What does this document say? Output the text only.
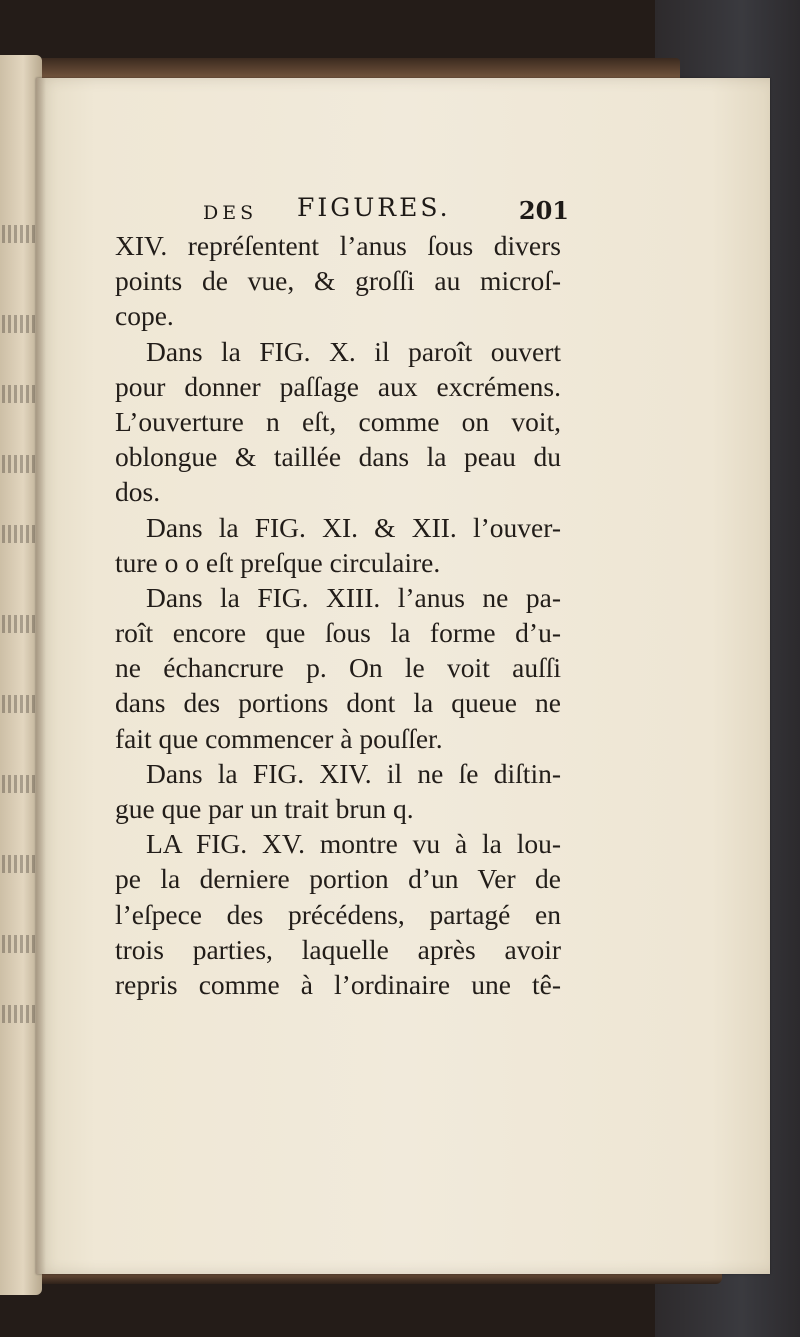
DES FIGURES.	201
XIV. repréſentent l’anus ſous divers
points de vue, & groſſi au microſ-
cope.
Dans la FIG. X. il paroît ouvert
pour donner paſſage aux excrémens.
L’ouverture n eſt, comme on voit,
oblongue & taillée dans la peau du
dos.
Dans la FIG. XI. & XII. l’ouver-
ture o o eſt preſque circulaire.
Dans la FIG. XIII. l’anus ne pa-
roît encore que ſous la forme d’u-
ne échancrure p. On le voit auſſi
dans des portions dont la queue ne
fait que commencer à pouſſer.
Dans la FIG. XIV. il ne ſe diſtin-
gue que par un trait brun q.
LA FIG. XV. montre vu à la lou-
pe la derniere portion d’un Ver de
l’eſpece des précédens, partagé en
trois parties, laquelle après avoir
repris comme à l’ordinaire une tê-
